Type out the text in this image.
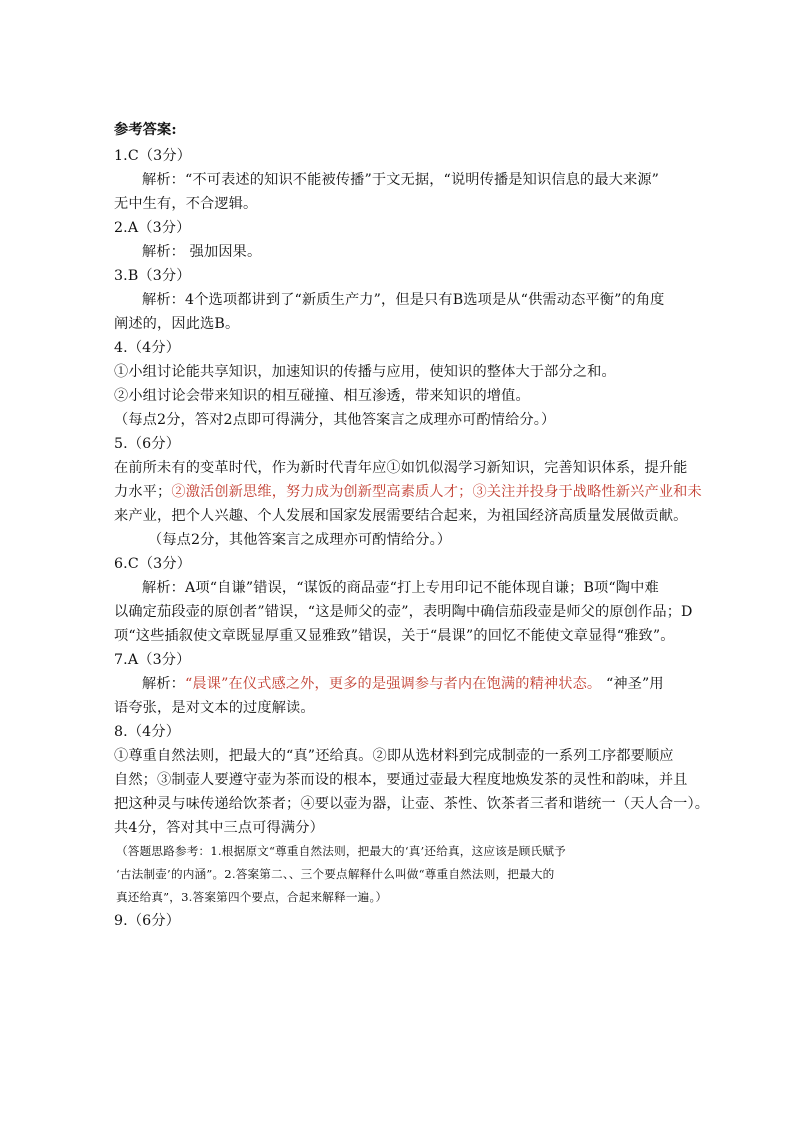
参考答案:
1.C（3分）
解析：“不可表述的知识不能被传播”于文无据，“说明传播是知识信息的最大来源”
无中生有，不合逻辑。
2.A（3分）
解析： 强加因果。
3.B（3分）
解析：4个选项都讲到了“新质生产力”，但是只有B选项是从“供需动态平衡”的角度
阐述的，因此选B。
4.（4分）
①小组讨论能共享知识，加速知识的传播与应用，使知识的整体大于部分之和。
②小组讨论会带来知识的相互碰撞、相互渗透，带来知识的增值。
（每点2分，答对2点即可得满分，其他答案言之成理亦可酌情给分。）
5.（6分）
在前所未有的变革时代，作为新时代青年应①如饥似渴学习新知识，完善知识体系，提升能
力水平；②激活创新思维，努力成为创新型高素质人才；③关注并投身于战略性新兴产业和未
来产业，把个人兴趣、个人发展和国家发展需要结合起来，为祖国经济高质量发展做贡献。
（每点2分，其他答案言之成理亦可酌情给分。）
6.C（3分）
解析：A项“自谦”错误，“谋饭的商品壶“打上专用印记不能体现自谦；B项“陶中难
以确定茄段壶的原创者”错误，“这是师父的壶”，表明陶中确信茄段壶是师父的原创作品；D
项“这些插叙使文章既显厚重又显雅致”错误，关于“晨课”的回忆不能使文章显得“雅致”。
7.A（3分）
解析：“晨课”在仪式感之外，更多的是强调参与者内在饱满的精神状态。 “神圣”用
语夸张，是对文本的过度解读。
8.（4分）
①尊重自然法则，把最大的“真”还给真。②即从选材料到完成制壶的一系列工序都要顺应
自然；③制壶人要遵守壶为茶而设的根本，要通过壶最大程度地焕发茶的灵性和韵味，并且
把这种灵与味传递给饮茶者；④要以壶为器，让壶、茶性、饮茶者三者和谐统一（天人合一）。
共4分，答对其中三点可得满分）
（答题思路参考：1.根据原文“尊重自然法则，把最大的‘真’还给真，这应该是顾氏赋予
‘古法制壶’的内涵”。2.答案第二、、三个要点解释什么叫做“尊重自然法则，把最大的
真还给真”，3.答案第四个要点，合起来解释一遍。）
9.（6分）
